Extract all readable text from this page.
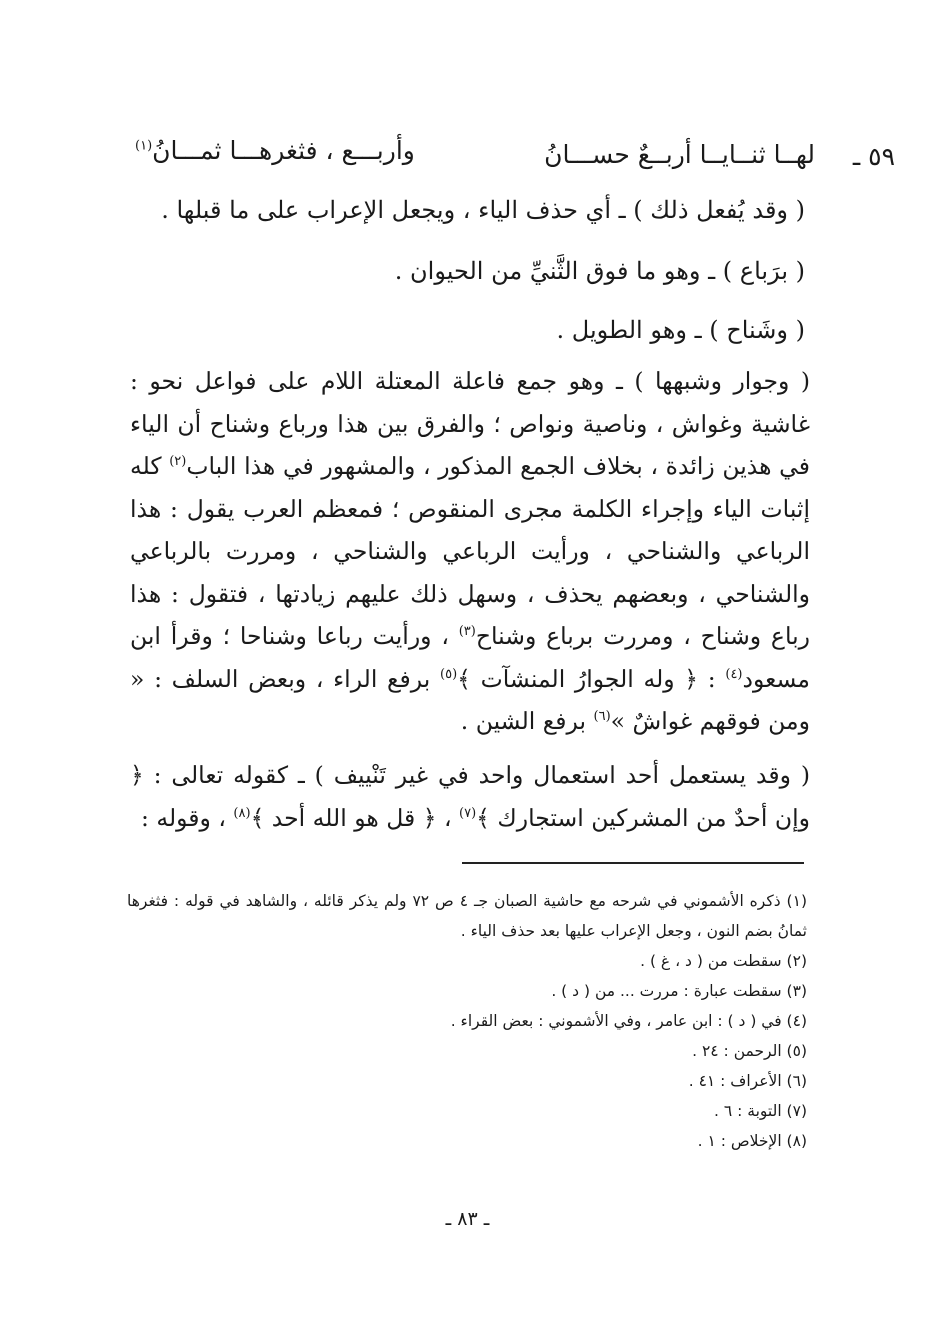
٥٩ ـ
لهــا ثنــايــا أربــعٌ حســـانُ
وأربـــع ، فثغرهـــا ثمـــانُ$^{(١)}$
( وقد يُفعل ذلك ) ـ أي حذف الياء ، ويجعل الإعراب على ما قبلها .
( برَباع ) ـ وهو ما فوق الثَّنيِّ من الحيوان .
( وشَناح ) ـ وهو الطويل .
( وجوار وشبهها ) ـ وهو جمع فاعلة المعتلة اللام على فواعل نحو : غاشية وغواش ، وناصية ونواص ؛ والفرق بين هذا ورباع وشناح أن الياء في هذين زائدة ، بخلاف الجمع المذكور ، والمشهور في هذا الباب$^{(٢)}$ كله إثبات الياء وإجراء الكلمة مجرى المنقوص ؛ فمعظم العرب يقول : هذا الرباعي والشناحي ، ورأيت الرباعي والشناحي ، ومررت بالرباعي والشناحي ، وبعضهم يحذف ، وسهل ذلك عليهم زيادتها ، فتقول : هذا رباع وشناح ، ومررت برباع وشناح$^{(٣)}$ ، ورأيت رباعا وشناحا ؛ وقرأ ابن مسعود$^{(٤)}$ : ﴿ وله الجوارُ المنشآت ﴾$^{(٥)}$ برفع الراء ، وبعض السلف : « ومن فوقهم غواشٌ »$^{(٦)}$ برفع الشين .
( وقد يستعمل أحد استعمال واحد في غير تَنْييف ) ـ كقوله تعالى : ﴿ وإن أحدٌ من المشركين استجارك ﴾$^{(٧)}$ ، ﴿ قل هو الله أحد ﴾$^{(٨)}$ ، وقوله :
(١) ذكره الأشموني في شرحه مع حاشية الصبان جـ ٤ ص ٧٢ ولم يذكر قائله ، والشاهد في قوله : فثغرها ثمانُ بضم النون ، وجعل الإعراب عليها بعد حذف الياء .
(٢) سقطت من ( د ، غ ) .
(٣) سقطت عبارة : مررت ... من ( د ) .
(٤) في ( د ) : ابن عامر ، وفي الأشموني : بعض القراء .
(٥) الرحمن : ٢٤ .
(٦) الأعراف : ٤١ .
(٧) التوبة : ٦ .
(٨) الإخلاص : ١ .
ـ ٨٣ ـ
